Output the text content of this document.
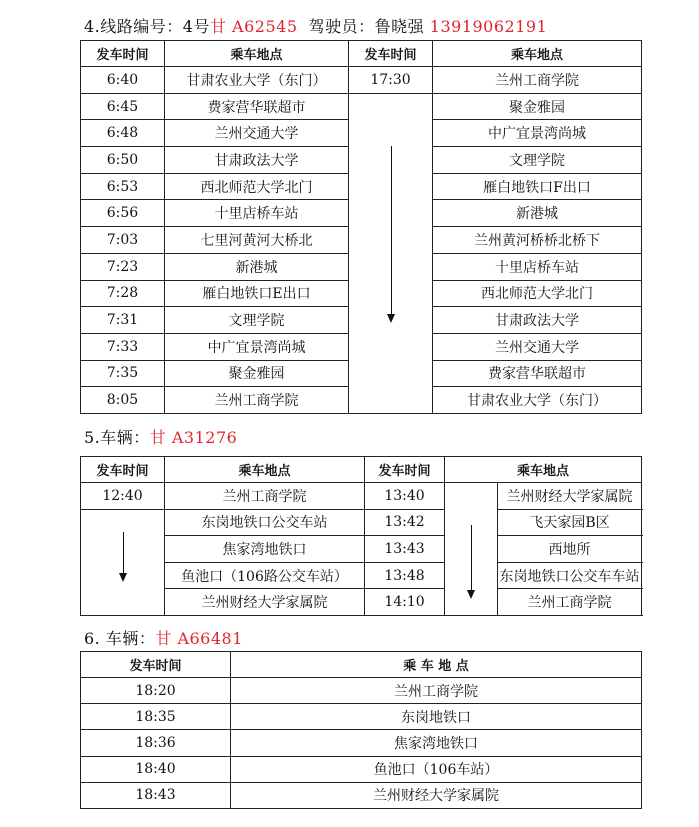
4.线路编号：4号甘 A62545 驾驶员：鲁晓强 13919062191
发车时间	乘车地点	发车时间	乘车地点
6:40	甘肃农业大学（东门）	17:30	兰州工商学院
6:45	费家营华联超市		聚金雅园
6:48	兰州交通大学		中广宜景湾尚城
6:50	甘肃政法大学		文理学院
6:53	西北师范大学北门		雁白地铁口F出口
6:56	十里店桥车站		新港城
7:03	七里河黄河大桥北		兰州黄河桥桥北桥下
7:23	新港城		十里店桥车站
7:28	雁白地铁口E出口		西北师范大学北门
7:31	文理学院		甘肃政法大学
7:33	中广宜景湾尚城		兰州交通大学
7:35	聚金雅园		费家营华联超市
8:05	兰州工商学院		甘肃农业大学（东门）
5.车辆：甘 A31276
发车时间	乘车地点	发车时间	乘车地点	
12:40	兰州工商学院	13:40		兰州财经大学家属院

	东岗地铁口公交车站	13:42		飞天家园B区
	焦家湾地铁口	13:43		西地所
	鱼池口（106路公交车站）	13:48		东岗地铁口公交车车站
	兰州财经大学家属院	14:10		兰州工商学院
6. 车辆：甘 A66481
发车时间	乘 车 地 点
18:20	兰州工商学院
18:35	东岗地铁口
18:36	焦家湾地铁口
18:40	鱼池口（106车站）
18:43	兰州财经大学家属院
